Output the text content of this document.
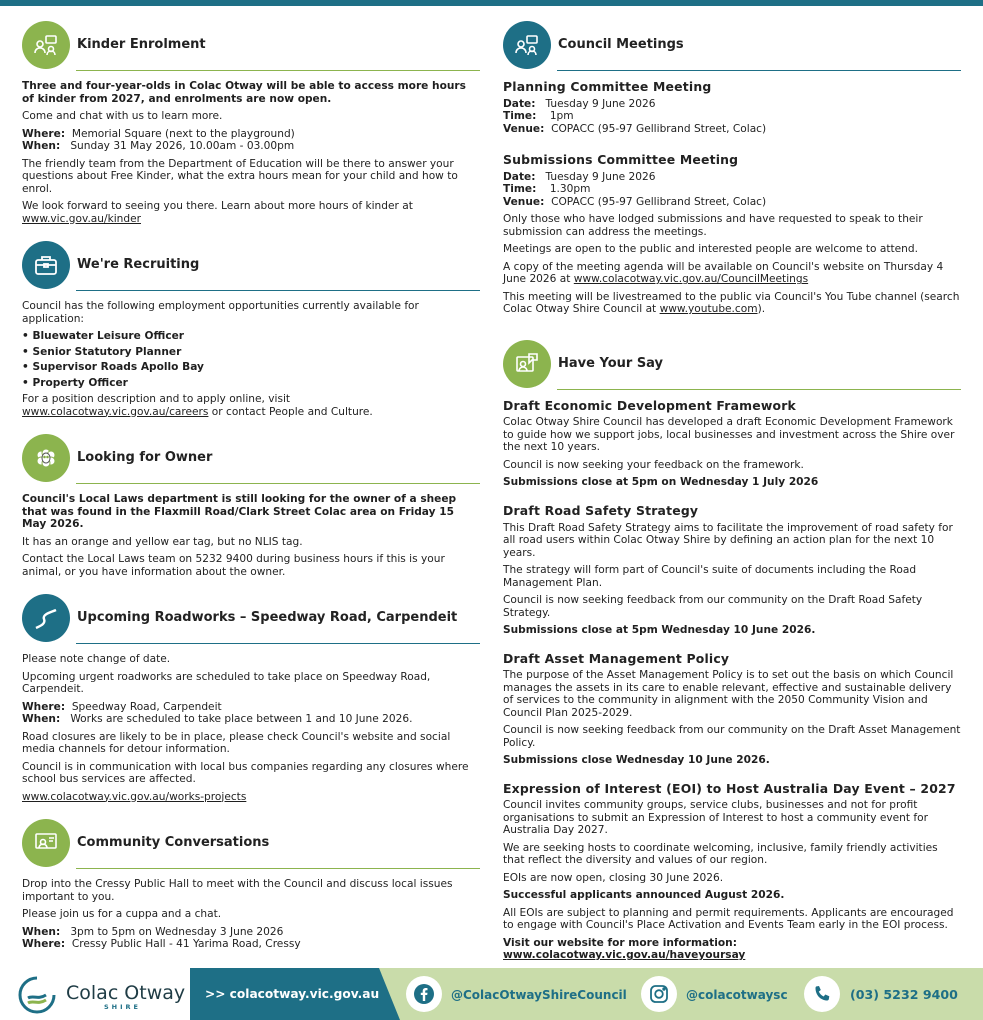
Kinder Enrolment

Three and four-year-olds in Colac Otway will be able to access more hours of kinder from 2027, and enrolments are now open.

Come and chat with us to learn more.

Where: Memorial Square (next to the playground)

When: Sunday 31 May 2026, 10.00am - 03.00pm

The friendly team from the Department of Education will be there to answer your questions about Free Kinder, what the extra hours mean for your child and how to enrol.

We look forward to seeing you there. Learn about more hours of kinder at
www.vic.gov.au/kinder

We're Recruiting

Council has the following employment opportunities currently available for application:

• Bluewater Leisure Officer
• Senior Statutory Planner
• Supervisor Roads Apollo Bay
• Property Officer

For a position description and to apply online, visit
www.colacotway.vic.gov.au/careers or contact People and Culture.

Looking for Owner

Council's Local Laws department is still looking for the owner of a sheep that was found in the Flaxmill Road/Clark Street Colac area on Friday 15 May 2026.

It has an orange and yellow ear tag, but no NLIS tag.

Contact the Local Laws team on 5232 9400 during business hours if this is your animal, or you have information about the owner.

Upcoming Roadworks – Speedway Road, Carpendeit

Please note change of date.

Upcoming urgent roadworks are scheduled to take place on Speedway Road, Carpendeit.

Where: Speedway Road, Carpendeit

When: Works are scheduled to take place between 1 and 10 June 2026.

Road closures are likely to be in place, please check Council's website and social media channels for detour information.

Council is in communication with local bus companies regarding any closures where school bus services are affected.

www.colacotway.vic.gov.au/works-projects

Community Conversations

Drop into the Cressy Public Hall to meet with the Council and discuss local issues important to you.

Please join us for a cuppa and a chat.

When: 3pm to 5pm on Wednesday 3 June 2026

Where: Cressy Public Hall - 41 Yarima Road, Cressy

Council Meetings
Planning Committee Meeting

Date: Tuesday 9 June 2026

Time: 1pm

Venue: COPACC (95-97 Gellibrand Street, Colac)

Submissions Committee Meeting

Date: Tuesday 9 June 2026

Time: 1.30pm

Venue: COPACC (95-97 Gellibrand Street, Colac)

Only those who have lodged submissions and have requested to speak to their submission can address the meetings.

Meetings are open to the public and interested people are welcome to attend.

A copy of the meeting agenda will be available on Council's website on Thursday 4 June 2026 at www.colacotway.vic.gov.au/CouncilMeetings

This meeting will be livestreamed to the public via Council's You Tube channel (search Colac Otway Shire Council at www.youtube.com).

Have Your Say
Draft Economic Development Framework

Colac Otway Shire Council has developed a draft Economic Development Framework to guide how we support jobs, local businesses and investment across the Shire over the next 10 years.

Council is now seeking your feedback on the framework.

Submissions close at 5pm on Wednesday 1 July 2026

Draft Road Safety Strategy

This Draft Road Safety Strategy aims to facilitate the improvement of road safety for all road users within Colac Otway Shire by defining an action plan for the next 10 years.

The strategy will form part of Council's suite of documents including the Road Management Plan.

Council is now seeking feedback from our community on the Draft Road Safety Strategy.

Submissions close at 5pm Wednesday 10 June 2026.

Draft Asset Management Policy

The purpose of the Asset Management Policy is to set out the basis on which Council manages the assets in its care to enable relevant, effective and sustainable delivery of services to the community in alignment with the 2050 Community Vision and Council Plan 2025-2029.

Council is now seeking feedback from our community on the Draft Asset Management Policy.

Submissions close Wednesday 10 June 2026.

Expression of Interest (EOI) to Host Australia Day Event – 2027

Council invites community groups, service clubs, businesses and not for profit organisations to submit an Expression of Interest to host a community event for Australia Day 2027.

We are seeking hosts to coordinate welcoming, inclusive, family friendly activities that reflect the diversity and values of our region.

EOIs are now open, closing 30 June 2026.

Successful applicants announced August 2026.

All EOIs are subject to planning and permit requirements. Applicants are encouraged to engage with Council's Place Activation and Events Team early in the EOI process.

Visit our website for more information: www.colacotway.vic.gov.au/haveyoursay

Colac Otway
SHIRE
>> colacotway.vic.gov.au	@ColacOtwayShireCouncil	@colacotwaysc	(03) 5232 9400
